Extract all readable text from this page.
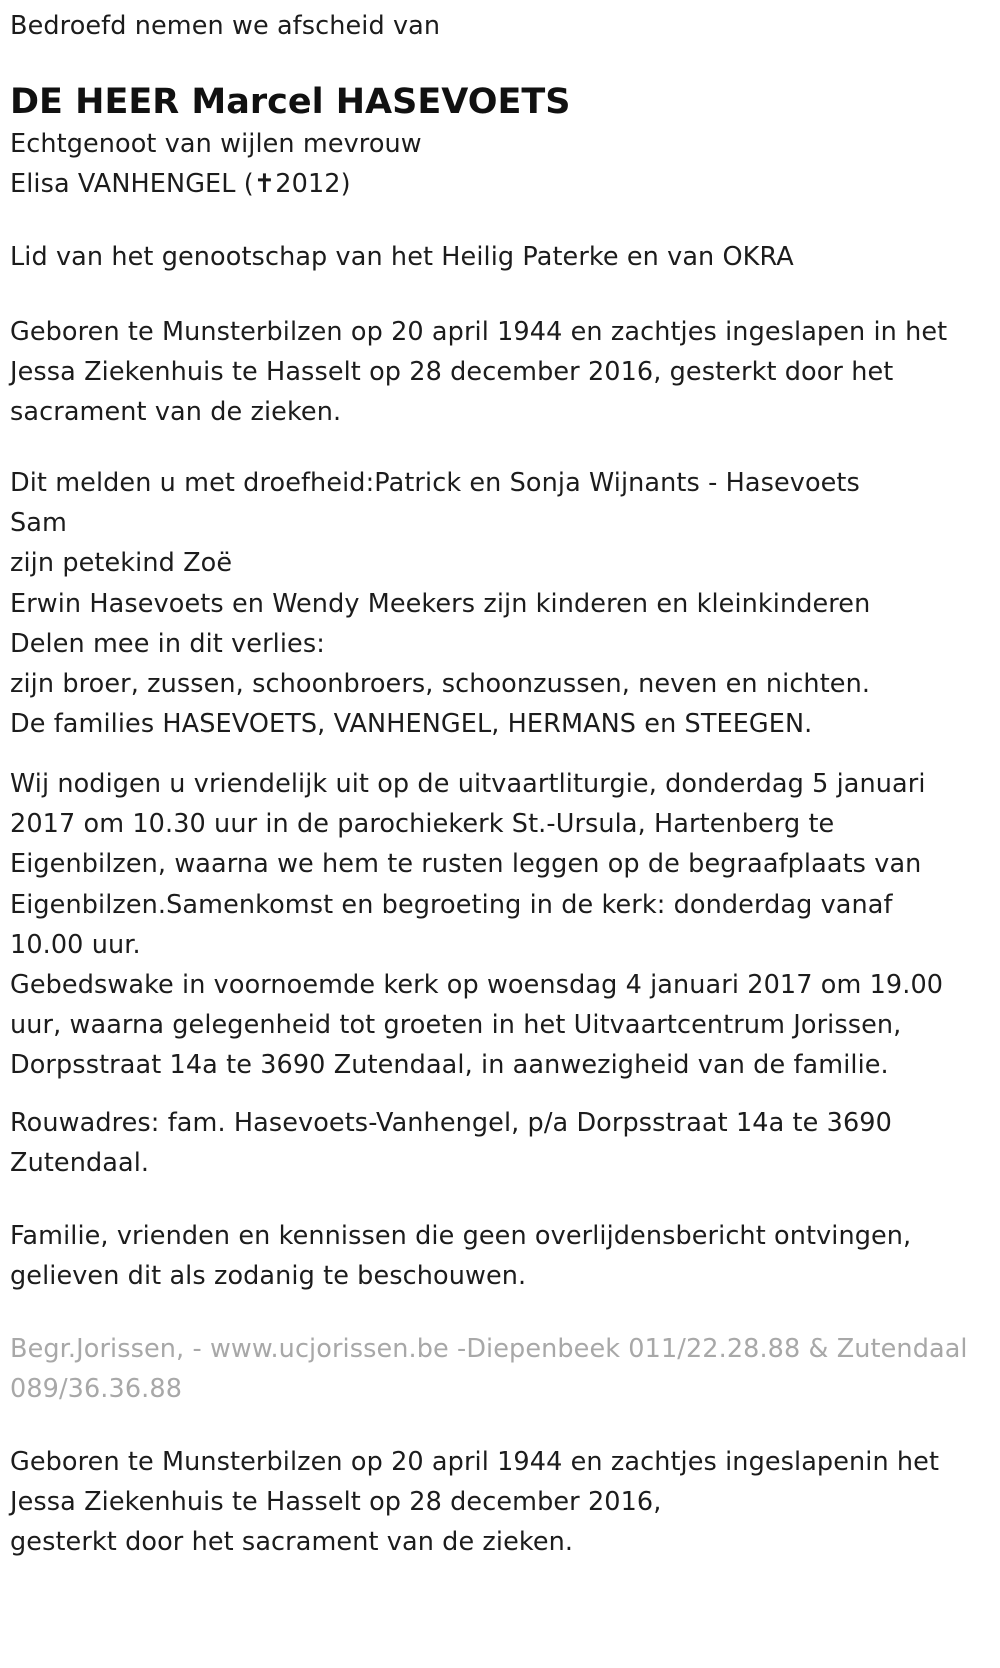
Bedroefd nemen we afscheid van
DE HEER Marcel HASEVOETS
Echtgenoot van wijlen mevrouw
Elisa VANHENGEL (✝2012)
Lid van het genootschap van het Heilig Paterke en van OKRA
Geboren te Munsterbilzen op 20 april 1944 en zachtjes ingeslapen in het
Jessa Ziekenhuis te Hasselt op 28 december 2016, gesterkt door het
sacrament van de zieken.
Dit melden u met droefheid:Patrick en Sonja Wijnants - Hasevoets
Sam
zijn petekind Zoë
Erwin Hasevoets en Wendy Meekers zijn kinderen en kleinkinderen
Delen mee in dit verlies:
zijn broer, zussen, schoonbroers, schoonzussen, neven en nichten.
De families HASEVOETS, VANHENGEL, HERMANS en STEEGEN.
Wij nodigen u vriendelijk uit op de uitvaartliturgie, donderdag 5 januari
2017 om 10.30 uur in de parochiekerk St.-Ursula, Hartenberg te
Eigenbilzen, waarna we hem te rusten leggen op de begraafplaats van
Eigenbilzen.Samenkomst en begroeting in de kerk: donderdag vanaf
10.00 uur.
Gebedswake in voornoemde kerk op woensdag 4 januari 2017 om 19.00
uur, waarna gelegenheid tot groeten in het Uitvaartcentrum Jorissen,
Dorpsstraat 14a te 3690 Zutendaal, in aanwezigheid van de familie.
Rouwadres: fam. Hasevoets-Vanhengel, p/a Dorpsstraat 14a te 3690
Zutendaal.
Familie, vrienden en kennissen die geen overlijdensbericht ontvingen,
gelieven dit als zodanig te beschouwen.
Begr.Jorissen, - www.ucjorissen.be -Diepenbeek 011/22.28.88 & Zutendaal
089/36.36.88
Geboren te Munsterbilzen op 20 april 1944 en zachtjes ingeslapenin het
Jessa Ziekenhuis te Hasselt op 28 december 2016,
gesterkt door het sacrament van de zieken.
